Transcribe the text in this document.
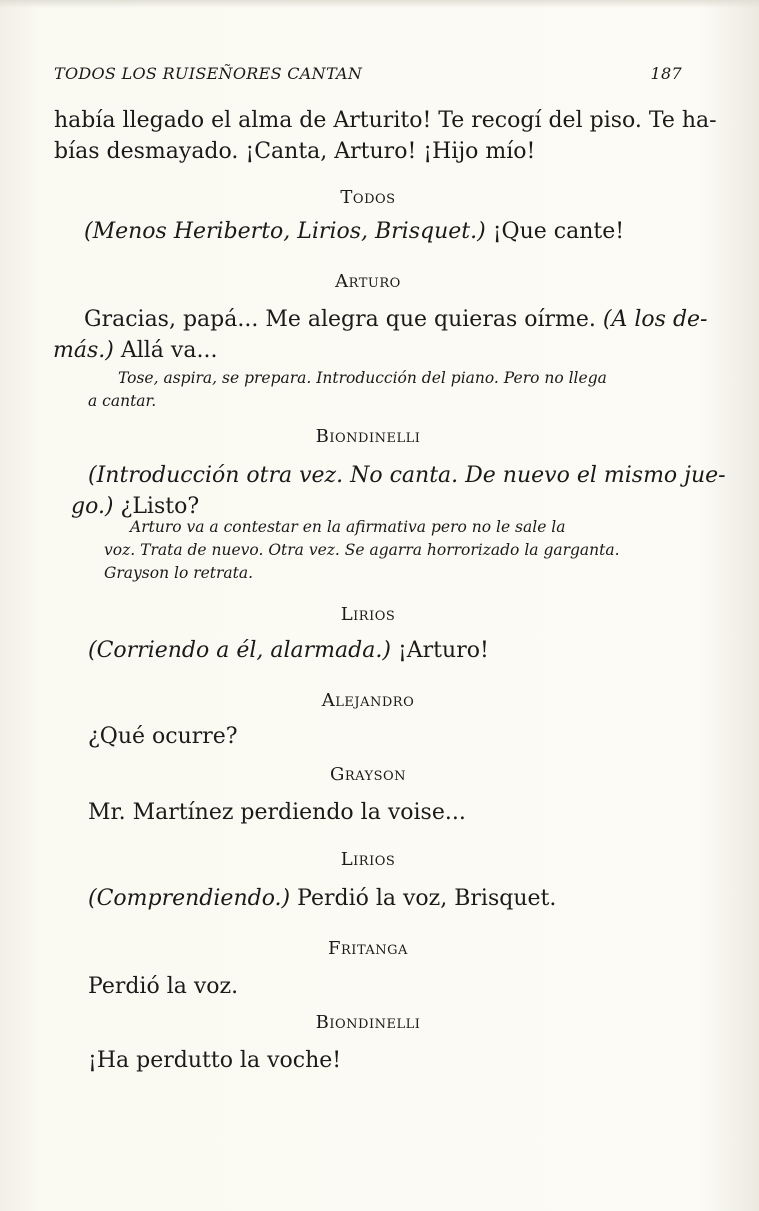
TODOS LOS RUISEÑORES CANTAN	187
había llegado el alma de Arturito! Te recogí del piso. Te ha-
bías desmayado. ¡Canta, Arturo! ¡Hijo mío!
Todos
(Menos Heriberto, Lirios, Brisquet.) ¡Que cante!
Arturo
Gracias, papá... Me alegra que quieras oírme. (A los de-
más.) Allá va...
Tose, aspira, se prepara. Introducción del piano. Pero no llega
a cantar.
Biondinelli
(Introducción otra vez. No canta. De nuevo el mismo jue-
go.) ¿Listo?
Arturo va a contestar en la afirmativa pero no le sale la
voz. Trata de nuevo. Otra vez. Se agarra horrorizado la garganta.
Grayson lo retrata.
Lirios
(Corriendo a él, alarmada.) ¡Arturo!
Alejandro
¿Qué ocurre?
Grayson
Mr. Martínez perdiendo la voise...
Lirios
(Comprendiendo.) Perdió la voz, Brisquet.
Fritanga
Perdió la voz.
Biondinelli
¡Ha perdutto la voche!
